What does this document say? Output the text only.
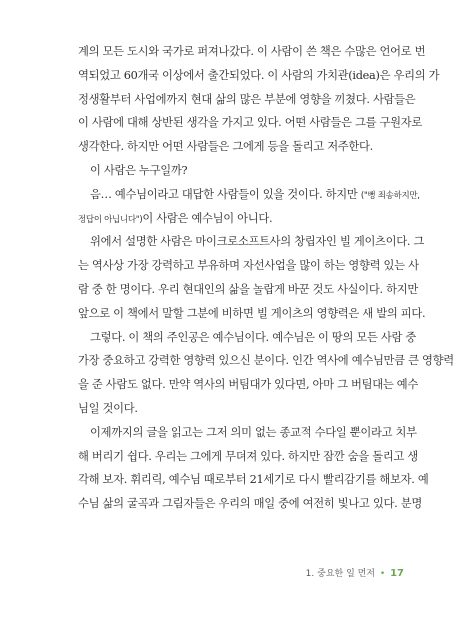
계의 모든 도시와 국가로 퍼져나갔다. 이 사람이 쓴 책은 수많은 언어로 번
역되었고 60개국 이상에서 출간되었다. 이 사람의 가치관(idea)은 우리의 가
정생활부터 사업에까지 현대 삶의 많은 부분에 영향을 끼쳤다. 사람들은
이 사람에 대해 상반된 생각을 가지고 있다. 어떤 사람들은 그를 구원자로
생각한다. 하지만 어떤 사람들은 그에게 등을 돌리고 저주한다.
이 사람은 누구일까?
음… 예수님이라고 대답한 사람들이 있을 것이다. 하지만 ("뻥 죄송하지만,
정답이 아닙니다")이 사람은 예수님이 아니다.
위에서 설명한 사람은 마이크로소프트사의 창립자인 빌 게이츠이다. 그
는 역사상 가장 강력하고 부유하며 자선사업을 많이 하는 영향력 있는 사
람 중 한 명이다. 우리 현대인의 삶을 놀랍게 바꾼 것도 사실이다. 하지만
앞으로 이 책에서 말할 그분에 비하면 빌 게이츠의 영향력은 새 발의 피다.
그렇다. 이 책의 주인공은 예수님이다. 예수님은 이 땅의 모든 사람 중
가장 중요하고 강력한 영향력 있으신 분이다. 인간 역사에 예수님만큼 큰 영향력
을 준 사람도 없다. 만약 역사의 버팀대가 있다면, 아마 그 버팀대는 예수
님일 것이다.
이제까지의 글을 읽고는 그저 의미 없는 종교적 수다일 뿐이라고 치부
해 버리기 쉽다. 우리는 그에게 무뎌져 있다. 하지만 잠깐 숨을 돌리고 생
각해 보자. 휘리릭, 예수님 때로부터 21세기로 다시 빨리감기를 해보자. 예
수님 삶의 굴곡과 그림자들은 우리의 매일 중에 여전히 빛나고 있다. 분명
1. 중요한 일 먼저 • 17
